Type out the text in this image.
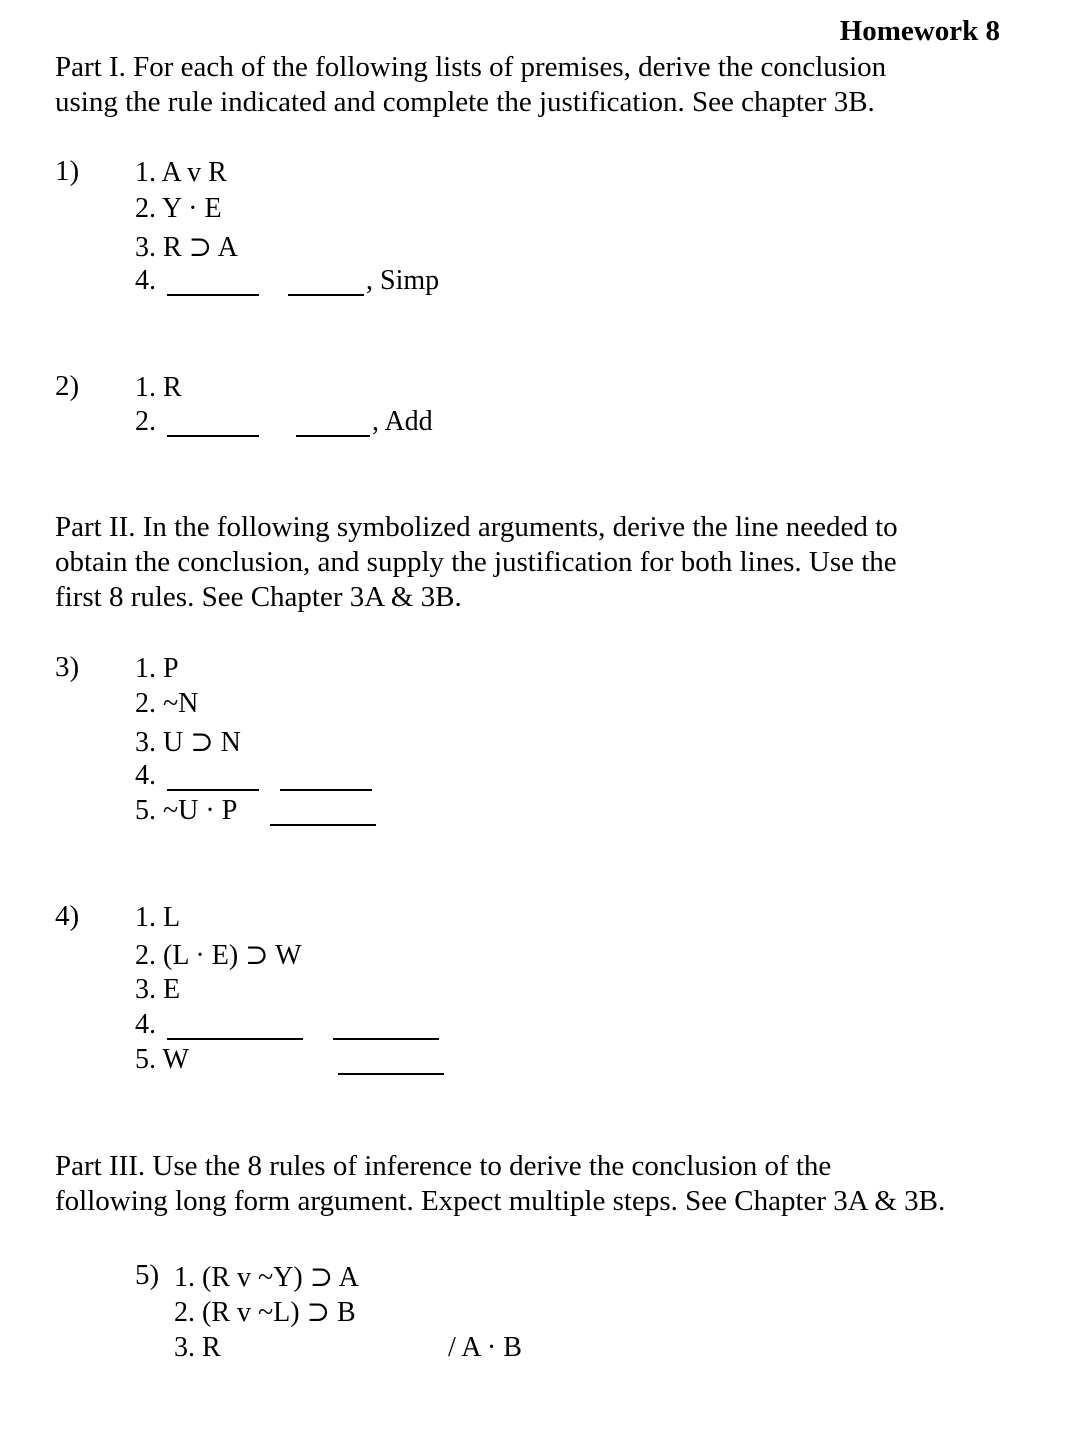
Homework 8
Part I. For each of the following lists of premises, derive the conclusion
using the rule indicated and complete the justification. See chapter 3B.
1) 1. A v R
2. Y · E
3. R ⊃ A
4.	, Simp
2) 1. R
2.	, Add
Part II. In the following symbolized arguments, derive the line needed to
obtain the conclusion, and supply the justification for both lines. Use the
first 8 rules. See Chapter 3A & 3B.
3) 1. P
2. ~N
3. U ⊃ N
4.
5. ~U · P
4) 1. L
2. (L · E) ⊃ W
3. E
4.
5. W
Part III. Use the 8 rules of inference to derive the conclusion of the
following long form argument. Expect multiple steps. See Chapter 3A & 3B.
5) 1. (R v ~Y) ⊃ A
2. (R v ~L) ⊃ B
3. R	/ A · B
